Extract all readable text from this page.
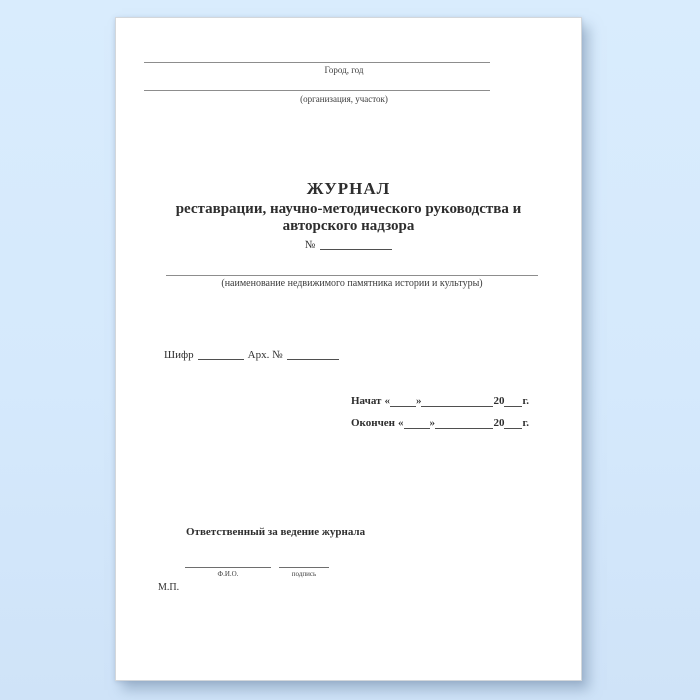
Город, год
(организация, участок)
ЖУРНАЛ
реставрации, научно-методического руководства и
авторского надзора
№
(наименование недвижимого памятника истории и культуры)
Шифр	Арх. №
Начат « »	20 г.
Окончен « »	20 г.
Ответственный за ведение журнала
Ф.И.О.	подпись
М.П.
